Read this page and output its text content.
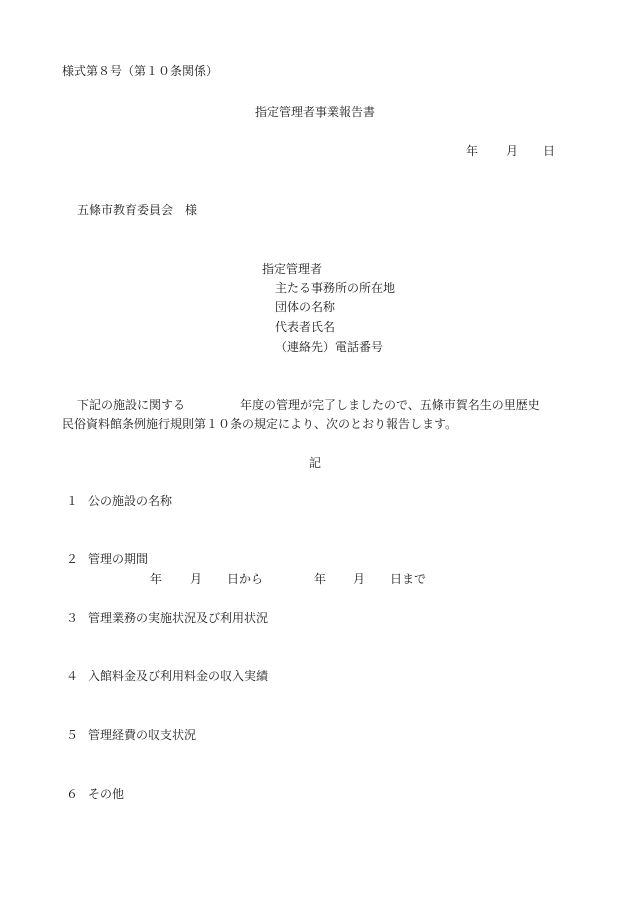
様式第８号（第１０条関係）
指定管理者事業報告書
年 月 日
五條市教育委員会　様
指定管理者
主たる事務所の所在地
団体の名称
代表者氏名
（連絡先）電話番号
下記の施設に関する	年度の管理が完了しましたので、五條市賀名生の里歴史
民俗資料館条例施行規則第１０条の規定により、次のとおり報告します。
記
１ 公の施設の名称
２ 管理の期間
年 月 日から	年 月 日まで
３ 管理業務の実施状況及び利用状況
４ 入館料金及び利用料金の収入実績
５ 管理経費の収支状況
６ その他
